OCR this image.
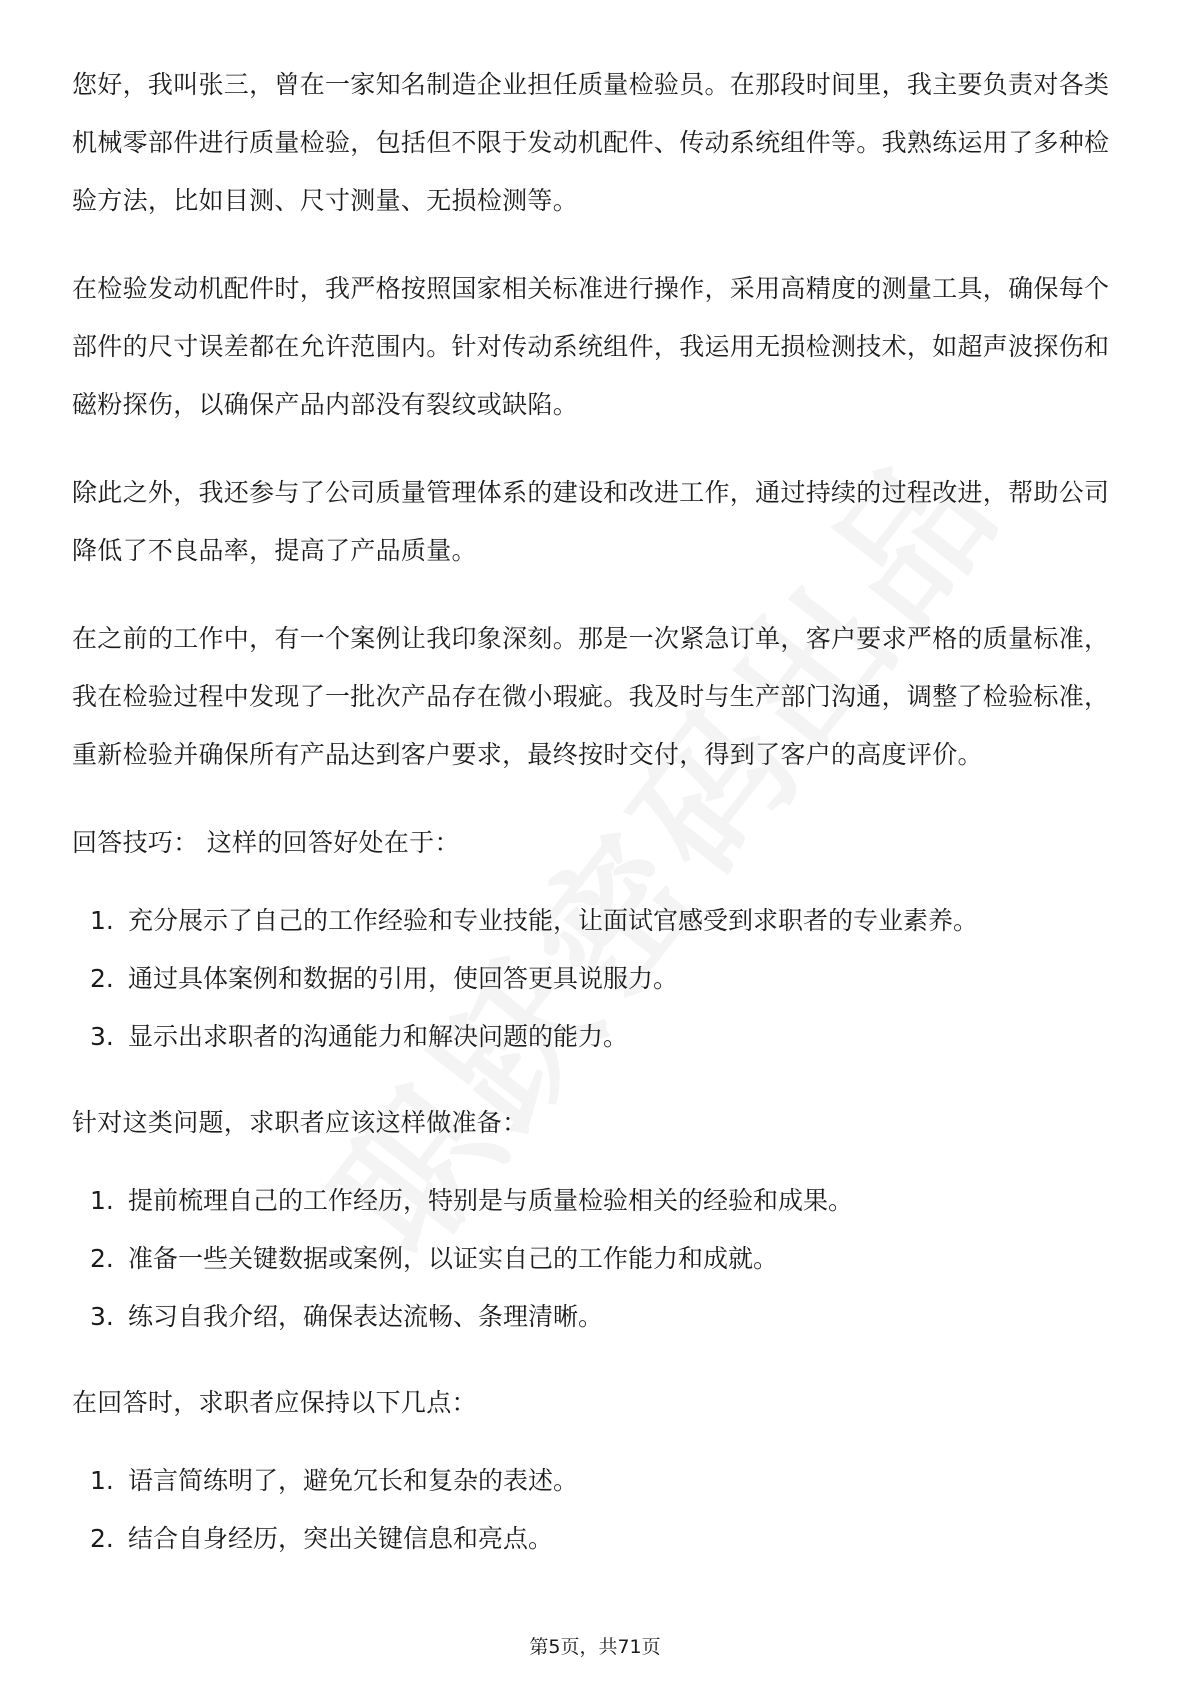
您好，我叫张三，曾在一家知名制造企业担任质量检验员。在那段时间里，我主要负责对各类机械零部件进行质量检验，包括但不限于发动机配件、传动系统组件等。我熟练运用了多种检验方法，比如目测、尺寸测量、无损检测等。

在检验发动机配件时，我严格按照国家相关标准进行操作，采用高精度的测量工具，确保每个部件的尺寸误差都在允许范围内。针对传动系统组件，我运用无损检测技术，如超声波探伤和磁粉探伤，以确保产品内部没有裂纹或缺陷。

除此之外，我还参与了公司质量管理体系的建设和改进工作，通过持续的过程改进，帮助公司降低了不良品率，提高了产品质量。

在之前的工作中，有一个案例让我印象深刻。那是一次紧急订单，客户要求严格的质量标准，我在检验过程中发现了一批次产品存在微小瑕疵。我及时与生产部门沟通，调整了检验标准，重新检验并确保所有产品达到客户要求，最终按时交付，得到了客户的高度评价。

回答技巧： 这样的回答好处在于：

1. 充分展示了自己的工作经验和专业技能，让面试官感受到求职者的专业素养。
2. 通过具体案例和数据的引用，使回答更具说服力。
3. 显示出求职者的沟通能力和解决问题的能力。

针对这类问题，求职者应该这样做准备：

1. 提前梳理自己的工作经历，特别是与质量检验相关的经验和成果。
2. 准备一些关键数据或案例，以证实自己的工作能力和成就。
3. 练习自我介绍，确保表达流畅、条理清晰。

在回答时，求职者应保持以下几点：

1. 语言简练明了，避免冗长和复杂的表述。
2. 结合自身经历，突出关键信息和亮点。
第5页，共71页
